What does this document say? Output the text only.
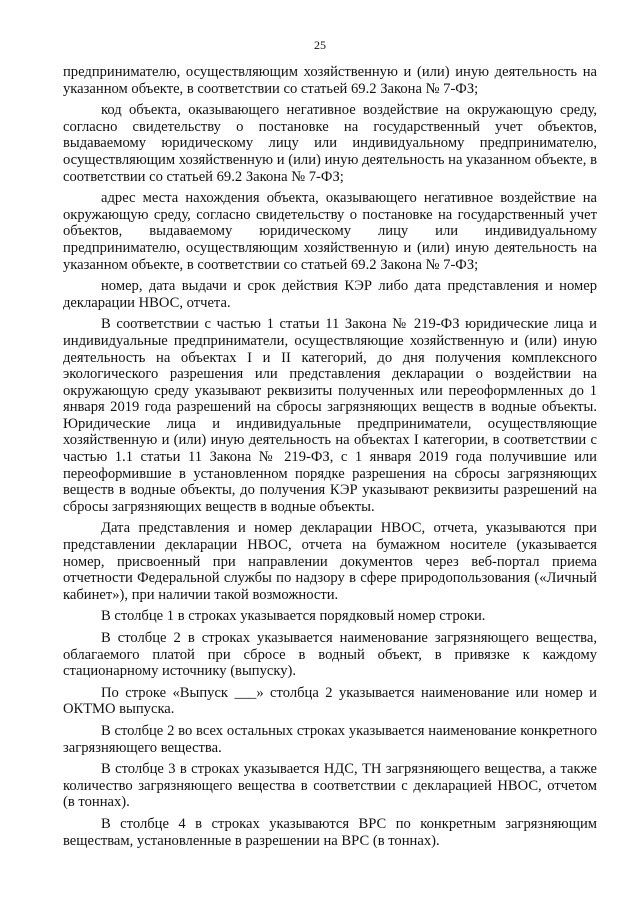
25

предпринимателю, осуществляющим хозяйственную и (или) иную деятельность на указанном объекте, в соответствии со статьей 69.2 Закона № 7-ФЗ;

код объекта, оказывающего негативное воздействие на окружающую среду, согласно свидетельству о постановке на государственный учет объектов, выдаваемому юридическому лицу или индивидуальному предпринимателю, осуществляющим хозяйственную и (или) иную деятельность на указанном объекте, в соответствии со статьей 69.2 Закона № 7-ФЗ;

адрес места нахождения объекта, оказывающего негативное воздействие на окружающую среду, согласно свидетельству о постановке на государственный учет объектов, выдаваемому юридическому лицу или индивидуальному предпринимателю, осуществляющим хозяйственную и (или) иную деятельность на указанном объекте, в соответствии со статьей 69.2 Закона № 7-ФЗ;

номер, дата выдачи и срок действия КЭР либо дата представления и номер декларации НВОС, отчета.

В соответствии с частью 1 статьи 11 Закона № 219-ФЗ юридические лица и индивидуальные предприниматели, осуществляющие хозяйственную и (или) иную деятельность на объектах I и II категорий, до дня получения комплексного экологического разрешения или представления декларации о воздействии на окружающую среду указывают реквизиты полученных или переоформленных до 1 января 2019 года разрешений на сбросы загрязняющих веществ в водные объекты. Юридические лица и индивидуальные предприниматели, осуществляющие хозяйственную и (или) иную деятельность на объектах I категории, в соответствии с частью 1.1 статьи 11 Закона № 219-ФЗ, с 1 января 2019 года получившие или переоформившие в установленном порядке разрешения на сбросы загрязняющих веществ в водные объекты, до получения КЭР указывают реквизиты разрешений на сбросы загрязняющих веществ в водные объекты.

Дата представления и номер декларации НВОС, отчета, указываются при представлении декларации НВОС, отчета на бумажном носителе (указывается номер, присвоенный при направлении документов через веб-портал приема отчетности Федеральной службы по надзору в сфере природопользования («Личный кабинет»), при наличии такой возможности.

В столбце 1 в строках указывается порядковый номер строки.

В столбце 2 в строках указывается наименование загрязняющего вещества, облагаемого платой при сбросе в водный объект, в привязке к каждому стационарному источнику (выпуску).

По строке «Выпуск ___» столбца 2 указывается наименование или номер и ОКТМО выпуска.

В столбце 2 во всех остальных строках указывается наименование конкретного загрязняющего вещества.

В столбце 3 в строках указывается НДС, ТН загрязняющего вещества, а также количество загрязняющего вещества в соответствии с декларацией НВОС, отчетом (в тоннах).

В столбце 4 в строках указываются ВРС по конкретным загрязняющим веществам, установленные в разрешении на ВРС (в тоннах).
